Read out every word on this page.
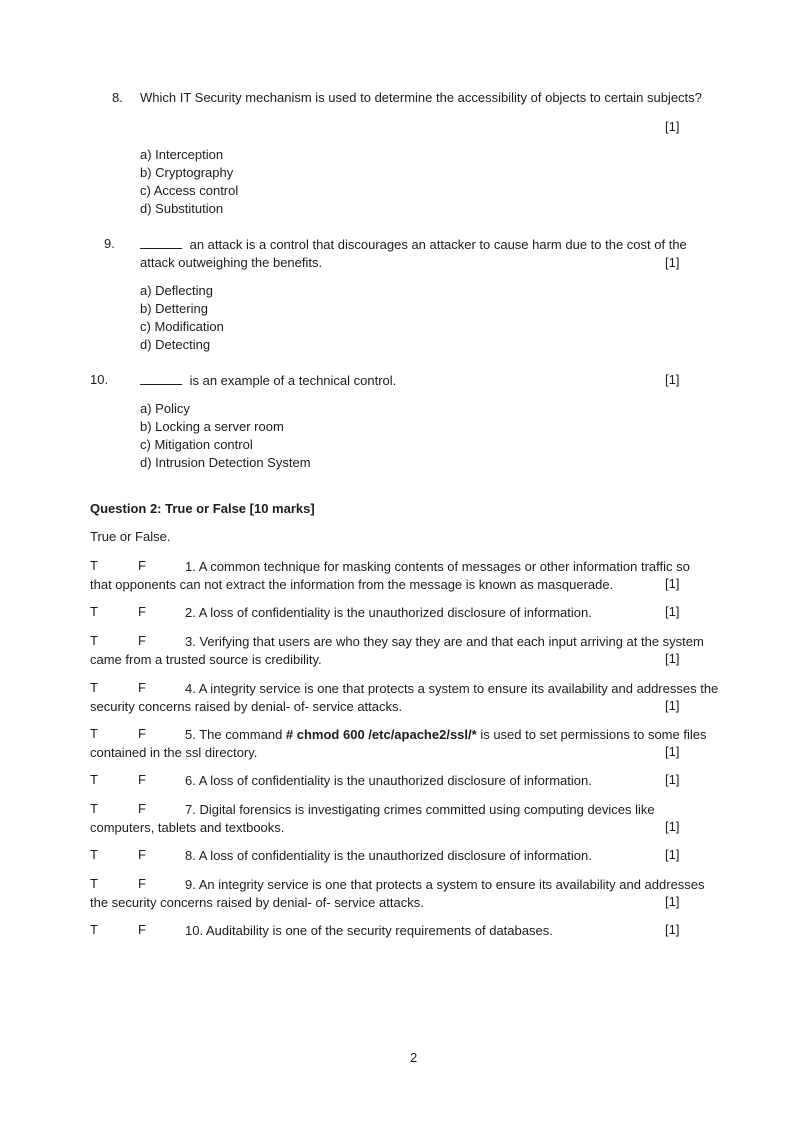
8. Which IT Security mechanism is used to determine the accessibility of objects to certain subjects?
[1]
a) Interception
b) Cryptography
c) Access control
d) Substitution
9.	an attack is a control that discourages an attacker to cause harm due to the cost of the
attack outweighing the benefits.	[1]
a) Deflecting
b) Dettering
c) Modification
d) Detecting
10.	is an example of a technical control.	[1]
a) Policy
b) Locking a server room
c) Mitigation control
d) Intrusion Detection System
Question 2: True or False [10 marks]
True or False.
T	F	1. A common technique for masking contents of messages or other information traffic so
that opponents can not extract the information from the message is known as masquerade.	[1]
T	F	2. A loss of confidentiality is the unauthorized disclosure of information.	[1]
T	F	3. Verifying that users are who they say they are and that each input arriving at the system
came from a trusted source is credibility.	[1]
T	F	4. A integrity service is one that protects a system to ensure its availability and addresses the
security concerns raised by denial- of- service attacks.	[1]
T	F	5. The command # chmod 600 /etc/apache2/ssl/* is used to set permissions to some files
contained in the ssl directory.	[1]
T	F	6. A loss of confidentiality is the unauthorized disclosure of information.	[1]
T	F	7. Digital forensics is investigating crimes committed using computing devices like
computers, tablets and textbooks.	[1]
T	F	8. A loss of confidentiality is the unauthorized disclosure of information.	[1]
T	F	9. An integrity service is one that protects a system to ensure its availability and addresses
the security concerns raised by denial- of- service attacks.	[1]
T	F	10. Auditability is one of the security requirements of databases.	[1]
2
